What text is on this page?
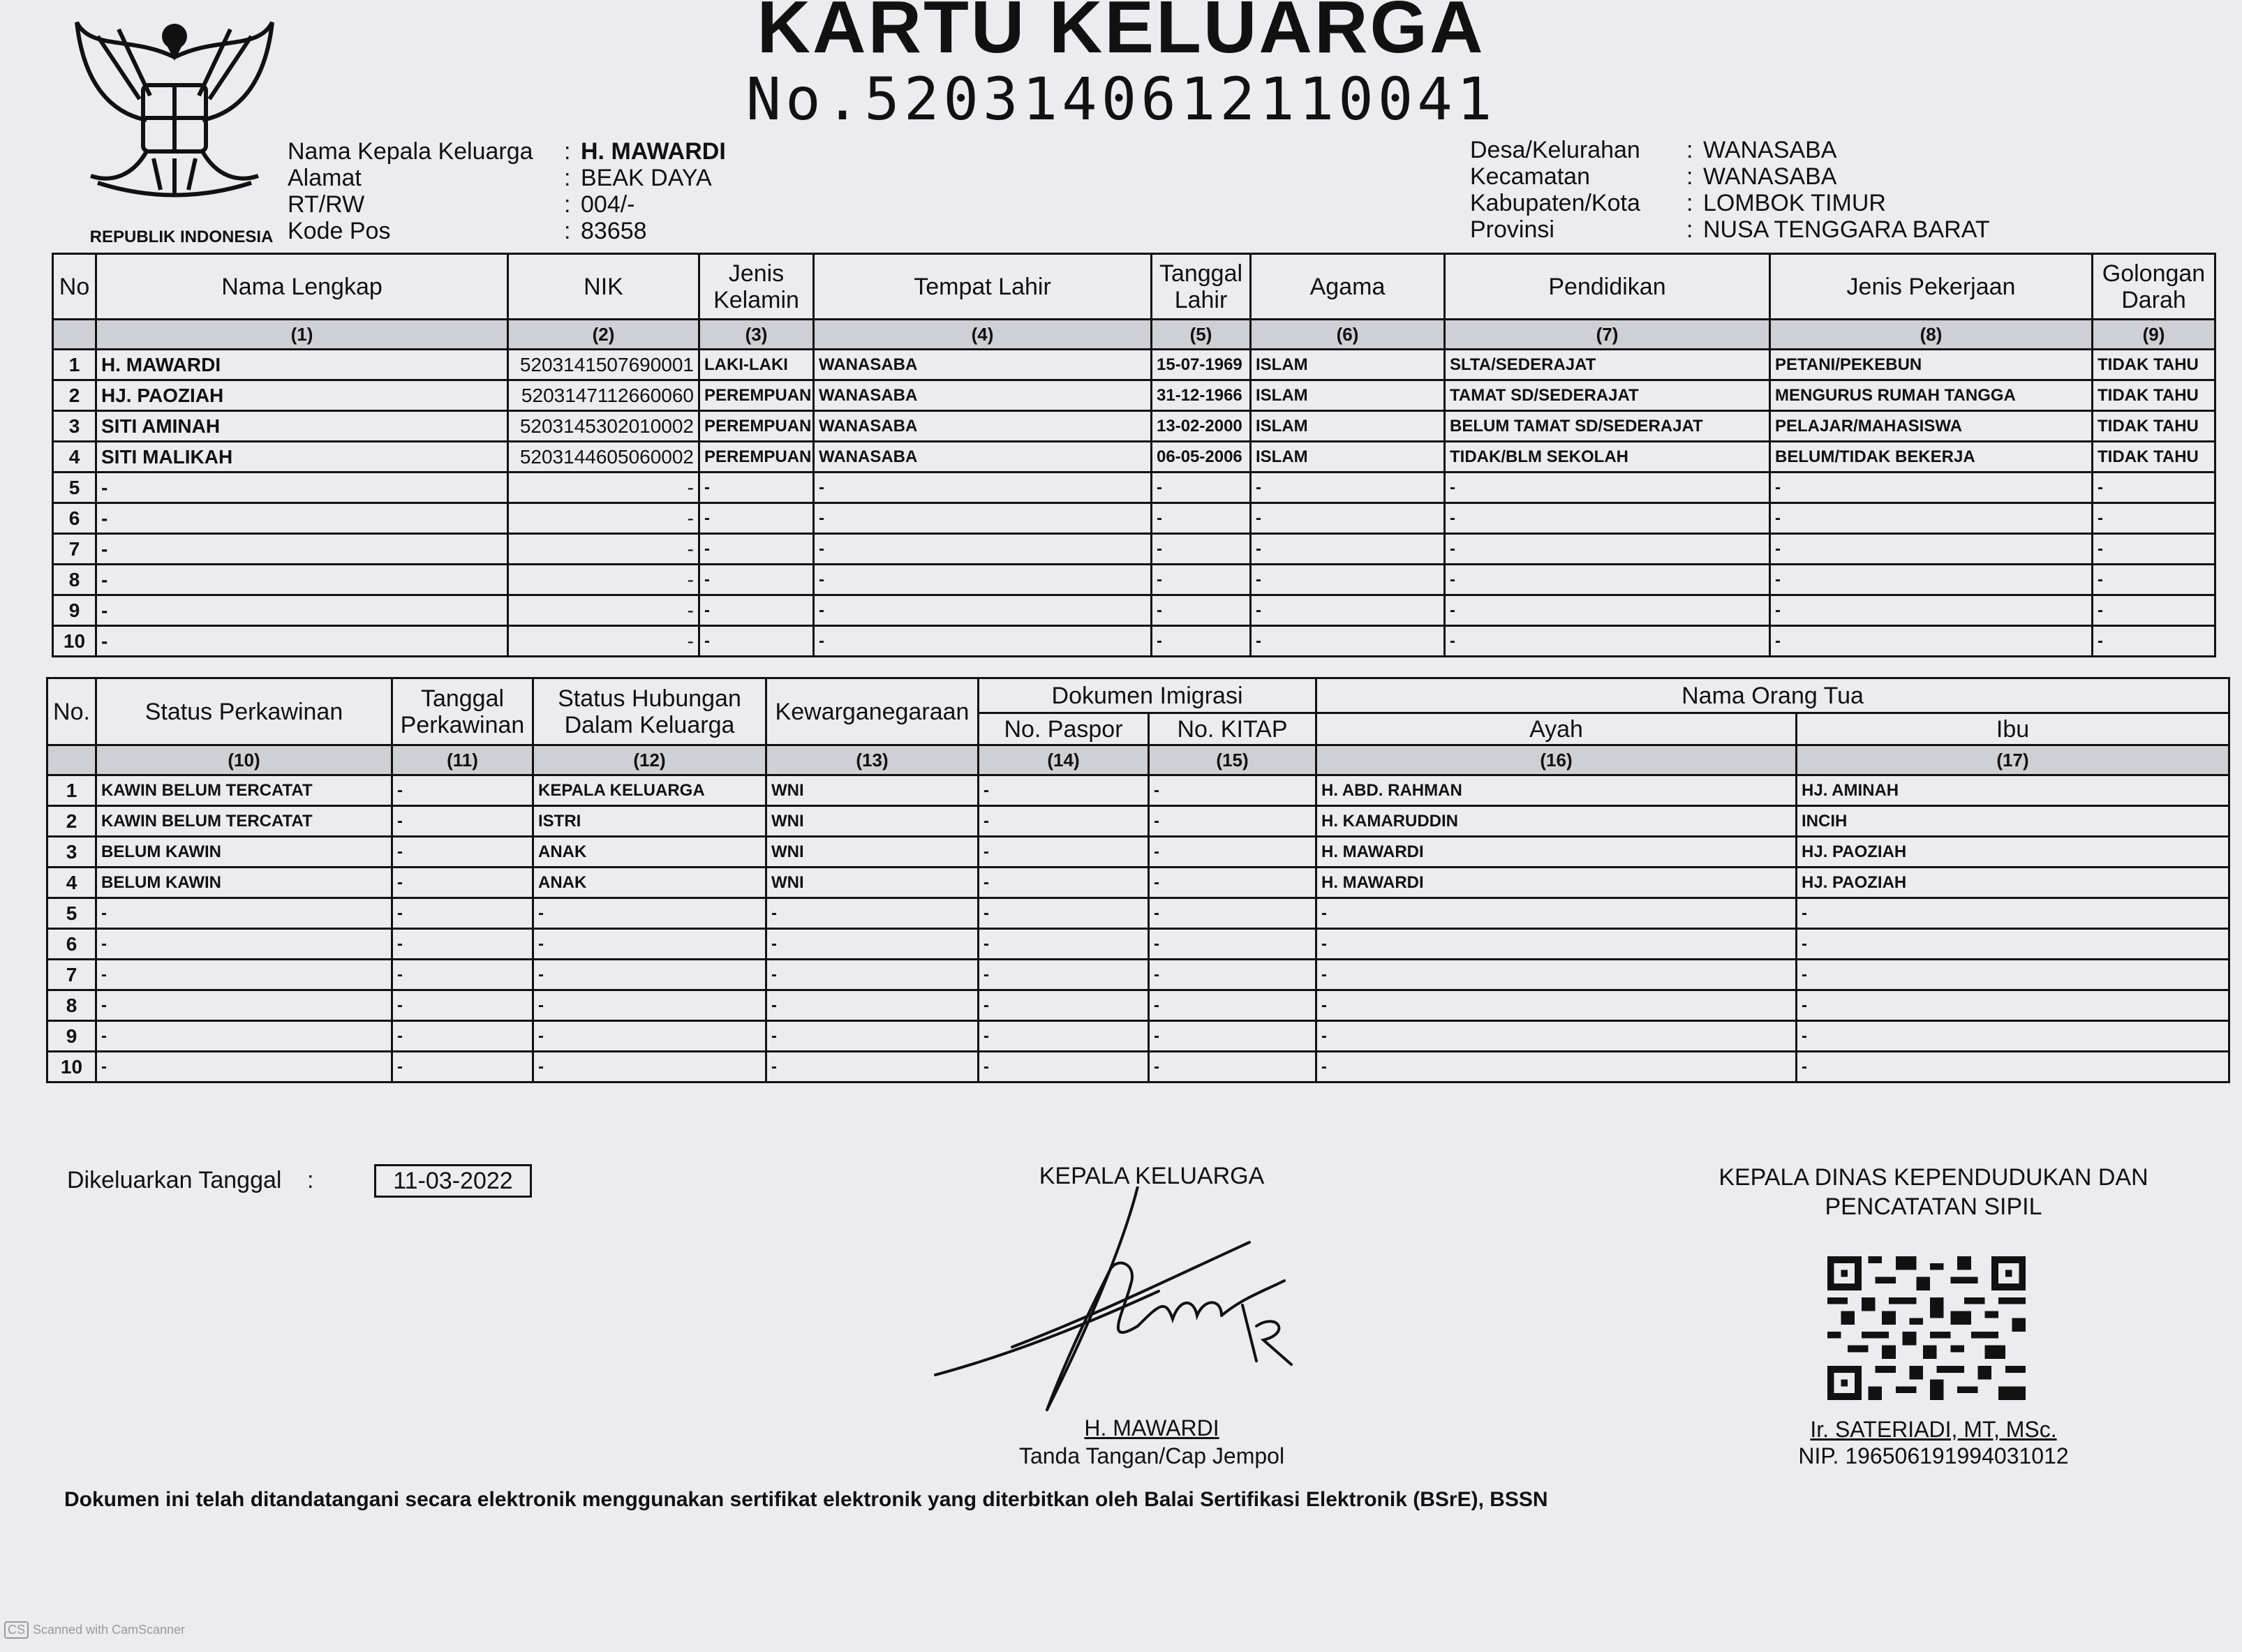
KARTU KELUARGA
No.5203140612110041
REPUBLIK INDONESIA
Nama Kepala Keluarga : H. MAWARDI
Alamat	: BEAK DAYA
RT/RW	: 004/-
Kode Pos	: 83658
Desa/Kelurahan : WANASABA
Kecamatan	: WANASABA
Kabupaten/Kota : LOMBOK TIMUR
Provinsi	: NUSA TENGGARA BARAT
No	Nama Lengkap	NIK	Jenis Kelamin	Tempat Lahir	Tanggal Lahir	Agama	Pendidikan	Jenis Pekerjaan	Golongan Darah
	(1)	(2)	(3)	(4)	(5)	(6)	(7)	(8)	(9)
1	H. MAWARDI	5203141507690001	LAKI-LAKI	WANASABA	15-07-1969	ISLAM	SLTA/SEDERAJAT	PETANI/PEKEBUN	TIDAK TAHU
2	HJ. PAOZIAH	5203147112660060	PEREMPUAN	WANASABA	31-12-1966	ISLAM	TAMAT SD/SEDERAJAT	MENGURUS RUMAH TANGGA	TIDAK TAHU
3	SITI AMINAH	5203145302010002	PEREMPUAN	WANASABA	13-02-2000	ISLAM	BELUM TAMAT SD/SEDERAJAT	PELAJAR/MAHASISWA	TIDAK TAHU
4	SITI MALIKAH	5203144605060002	PEREMPUAN	WANASABA	06-05-2006	ISLAM	TIDAK/BLM SEKOLAH	BELUM/TIDAK BEKERJA	TIDAK TAHU
5	-	-	-	-	-	-	-	-	-
6	-	-	-	-	-	-	-	-	-
7	-	-	-	-	-	-	-	-	-
8	-	-	-	-	-	-	-	-	-
9	-	-	-	-	-	-	-	-	-
10	-	-	-	-	-	-	-	-	-
No.	Status Perkawinan	Tanggal Perkawinan	Status Hubungan Dalam Keluarga	Kewarganegaraan	Dokumen Imigrasi		Nama Orang Tua	
					No. Paspor	No. KITAP	Ayah	Ibu
	(10)	(11)	(12)	(13)	(14)	(15)	(16)	(17)
1	KAWIN BELUM TERCATAT	-	KEPALA KELUARGA	WNI	-	-	H. ABD. RAHMAN	HJ. AMINAH
2	KAWIN BELUM TERCATAT	-	ISTRI	WNI	-	-	H. KAMARUDDIN	INCIH
3	BELUM KAWIN	-	ANAK	WNI	-	-	H. MAWARDI	HJ. PAOZIAH
4	BELUM KAWIN	-	ANAK	WNI	-	-	H. MAWARDI	HJ. PAOZIAH
5	-	-	-	-	-	-	-	-
6	-	-	-	-	-	-	-	-
7	-	-	-	-	-	-	-	-
8	-	-	-	-	-	-	-	-
9	-	-	-	-	-	-	-	-
10	-	-	-	-	-	-	-	-
Dikeluarkan Tanggal :	11-03-2022	KEPALA KELUARGA
H. MAWARDI
Tanda Tangan/Cap Jempol
KEPALA DINAS KEPENDUDUKAN DAN PENCATATAN SIPIL
Ir. SATERIADI, MT, MSc.
NIP. 196506191994031012
Dokumen ini telah ditandatangani secara elektronik menggunakan sertifikat elektronik yang diterbitkan oleh Balai Sertifikasi Elektronik (BSrE), BSSN
CS Scanned with CamScanner
